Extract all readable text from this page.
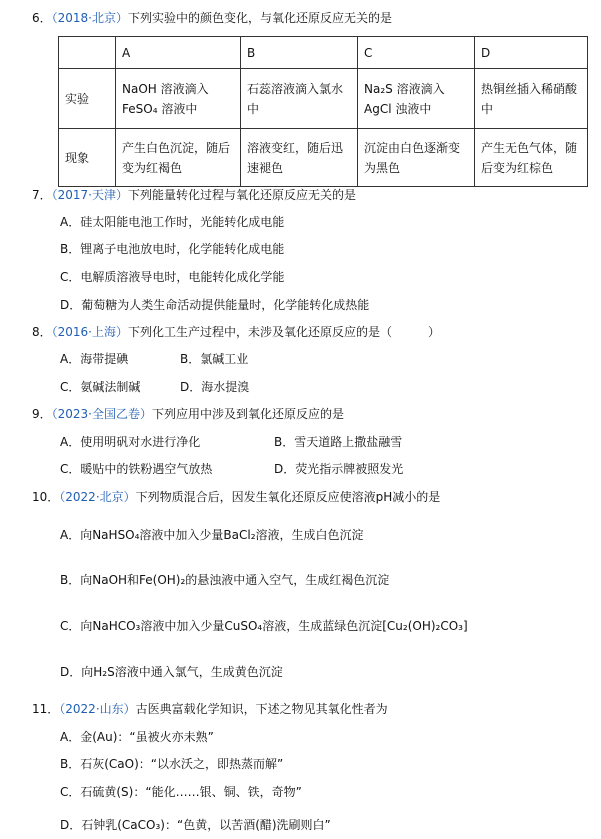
6．（2018·北京）下列实验中的颜色变化，与氧化还原反应无关的是
	A	B	C	D
实验	NaOH 溶液滴入 FeSO₄ 溶液中	石蕊溶液滴入氯水中	Na₂S 溶液滴入 AgCl 浊液中	热铜丝插入稀硝酸中
现象	产生白色沉淀，随后变为红褐色	溶液变红，随后迅速褪色	沉淀由白色逐渐变为黑色	产生无色气体，随后变为红棕色
7．（2017·天津）下列能量转化过程与氧化还原反应无关的是
A．硅太阳能电池工作时，光能转化成电能
B．锂离子电池放电时，化学能转化成电能
C．电解质溶液导电时，电能转化成化学能
D．葡萄糖为人类生命活动提供能量时，化学能转化成热能
8．（2016·上海）下列化工生产过程中，未涉及氧化还原反应的是（　　　）
A．海带提碘	B．氯碱工业
C．氨碱法制碱	D．海水提溴
9．（2023·全国乙卷）下列应用中涉及到氧化还原反应的是
A．使用明矾对水进行净化	B．雪天道路上撒盐融雪
C．暖贴中的铁粉遇空气放热	D．荧光指示牌被照发光
10．（2022·北京）下列物质混合后，因发生氧化还原反应使溶液pH减小的是
A．向NaHSO₄溶液中加入少量BaCl₂溶液，生成白色沉淀
B．向NaOH和Fe(OH)₂的悬浊液中通入空气，生成红褐色沉淀
C．向NaHCO₃溶液中加入少量CuSO₄溶液，生成蓝绿色沉淀[Cu₂(OH)₂CO₃]
D．向H₂S溶液中通入氯气，生成黄色沉淀
11．（2022·山东）古医典富载化学知识，下述之物见其氧化性者为
A．金(Au)：“虽被火亦未熟”
B．石灰(CaO)：“以水沃之，即热蒸而解”
C．石硫黄(S)：“能化……银、铜、铁，奇物”
D．石钟乳(CaCO₃)：“色黄，以苦酒(醋)洗刷则白”
